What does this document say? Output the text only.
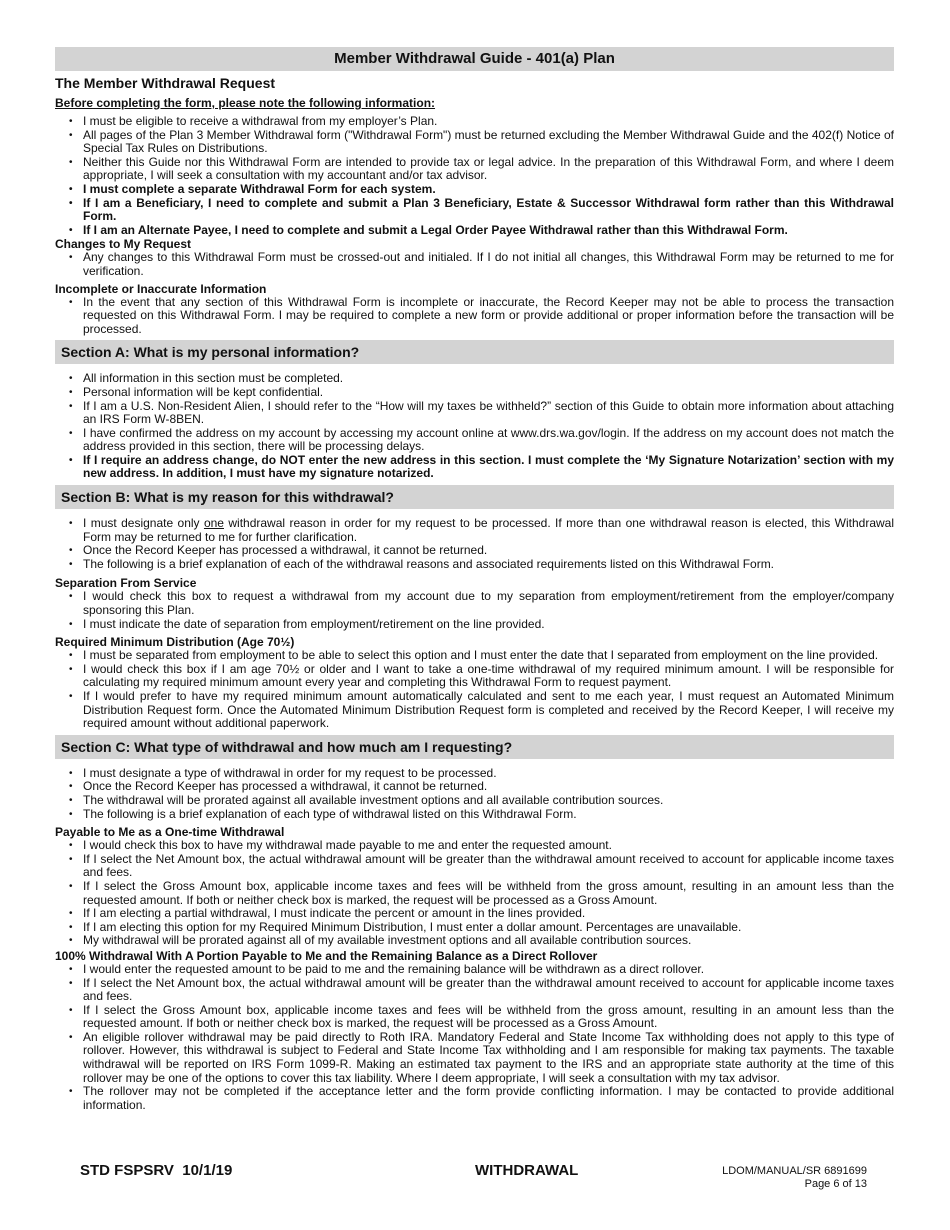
Member Withdrawal Guide - 401(a) Plan
The Member Withdrawal Request
Before completing the form, please note the following information:
• I must be eligible to receive a withdrawal from my employer’s Plan.
• All pages of the Plan 3 Member Withdrawal form ("Withdrawal Form") must be returned excluding the Member Withdrawal Guide and the 402(f) Notice of Special Tax Rules on Distributions.
• Neither this Guide nor this Withdrawal Form are intended to provide tax or legal advice. In the preparation of this Withdrawal Form, and where I deem appropriate, I will seek a consultation with my accountant and/or tax advisor.
• I must complete a separate Withdrawal Form for each system.
• If I am a Beneficiary, I need to complete and submit a Plan 3 Beneficiary, Estate & Successor Withdrawal form rather than this Withdrawal Form.
• If I am an Alternate Payee, I need to complete and submit a Legal Order Payee Withdrawal rather than this Withdrawal Form.
Changes to My Request
• Any changes to this Withdrawal Form must be crossed-out and initialed. If I do not initial all changes, this Withdrawal Form may be returned to me for verification.
Incomplete or Inaccurate Information
• In the event that any section of this Withdrawal Form is incomplete or inaccurate, the Record Keeper may not be able to process the transaction requested on this Withdrawal Form. I may be required to complete a new form or provide additional or proper information before the transaction will be processed.
Section A: What is my personal information?
• All information in this section must be completed.
• Personal information will be kept confidential.
• If I am a U.S. Non-Resident Alien, I should refer to the “How will my taxes be withheld?” section of this Guide to obtain more information about attaching an IRS Form W-8BEN.
• I have confirmed the address on my account by accessing my account online at www.drs.wa.gov/login. If the address on my account does not match the address provided in this section, there will be processing delays.
• If I require an address change, do NOT enter the new address in this section. I must complete the ‘My Signature Notarization’ section with my new address. In addition, I must have my signature notarized.
Section B: What is my reason for this withdrawal?
• I must designate only one withdrawal reason in order for my request to be processed. If more than one withdrawal reason is elected, this Withdrawal Form may be returned to me for further clarification.
• Once the Record Keeper has processed a withdrawal, it cannot be returned.
• The following is a brief explanation of each of the withdrawal reasons and associated requirements listed on this Withdrawal Form.
Separation From Service
• I would check this box to request a withdrawal from my account due to my separation from employment/retirement from the employer/company sponsoring this Plan.
• I must indicate the date of separation from employment/retirement on the line provided.
Required Minimum Distribution (Age 70½)
• I must be separated from employment to be able to select this option and I must enter the date that I separated from employment on the line provided.
• I would check this box if I am age 70½ or older and I want to take a one-time withdrawal of my required minimum amount. I will be responsible for calculating my required minimum amount every year and completing this Withdrawal Form to request payment.
• If I would prefer to have my required minimum amount automatically calculated and sent to me each year, I must request an Automated Minimum Distribution Request form. Once the Automated Minimum Distribution Request form is completed and received by the Record Keeper, I will receive my required amount without additional paperwork.
Section C: What type of withdrawal and how much am I requesting?
• I must designate a type of withdrawal in order for my request to be processed.
• Once the Record Keeper has processed a withdrawal, it cannot be returned.
• The withdrawal will be prorated against all available investment options and all available contribution sources.
• The following is a brief explanation of each type of withdrawal listed on this Withdrawal Form.
Payable to Me as a One-time Withdrawal
• I would check this box to have my withdrawal made payable to me and enter the requested amount.
• If I select the Net Amount box, the actual withdrawal amount will be greater than the withdrawal amount received to account for applicable income taxes and fees.
• If I select the Gross Amount box, applicable income taxes and fees will be withheld from the gross amount, resulting in an amount less than the requested amount. If both or neither check box is marked, the request will be processed as a Gross Amount.
• If I am electing a partial withdrawal, I must indicate the percent or amount in the lines provided.
• If I am electing this option for my Required Minimum Distribution, I must enter a dollar amount. Percentages are unavailable.
• My withdrawal will be prorated against all of my available investment options and all available contribution sources.
100% Withdrawal With A Portion Payable to Me and the Remaining Balance as a Direct Rollover
• I would enter the requested amount to be paid to me and the remaining balance will be withdrawn as a direct rollover.
• If I select the Net Amount box, the actual withdrawal amount will be greater than the withdrawal amount received to account for applicable income taxes and fees.
• If I select the Gross Amount box, applicable income taxes and fees will be withheld from the gross amount, resulting in an amount less than the requested amount. If both or neither check box is marked, the request will be processed as a Gross Amount.
• An eligible rollover withdrawal may be paid directly to Roth IRA. Mandatory Federal and State Income Tax withholding does not apply to this type of rollover. However, this withdrawal is subject to Federal and State Income Tax withholding and I am responsible for making tax payments. The taxable withdrawal will be reported on IRS Form 1099-R. Making an estimated tax payment to the IRS and an appropriate state authority at the time of this rollover may be one of the options to cover this tax liability. Where I deem appropriate, I will seek a consultation with my tax advisor.
• The rollover may not be completed if the acceptance letter and the form provide conflicting information. I may be contacted to provide additional information.
STD FSPSRV  10/1/19	WITHDRAWAL	LDOM/MANUAL/SR 6891699
Page 6 of 13
